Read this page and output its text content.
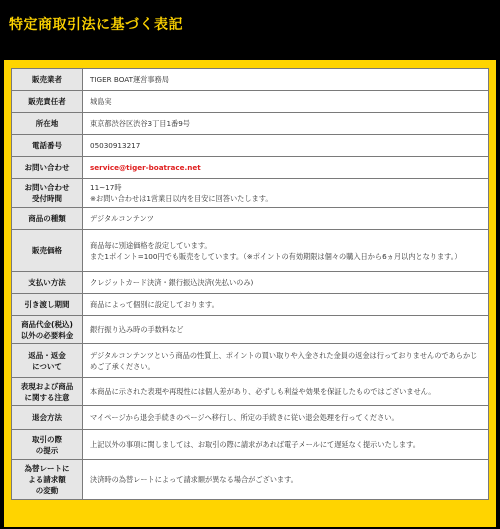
特定商取引法に基づく表記
販売業者	TIGER BOAT運営事務局

販売責任者	城島実

所在地	東京都渋谷区渋谷3丁目1番9号

電話番号	05030913217

お問い合わせ	service@tiger-boatrace.net

お問い合わせ
受付時間	11~17時
※お問い合わせは1営業日以内を目安に回答いたします。

商品の種類	デジタルコンテンツ

販売価格	商品毎に別途価格を設定しています。
また1ポイント=100円でも販売をしています。（※ポイントの有効期限は個々の購入日から6ヵ月以内となります。）

支払い方法	クレジットカード決済・銀行振込決済(先払いのみ)

引き渡し期間	商品によって個別に設定しております。

商品代金(税込)
以外の必要料金	銀行振り込み時の手数料など

返品・返金
について	デジタルコンテンツという商品の性質上、ポイントの買い取りや入金された金員の返金は行っておりませんのであらかじめご了承ください。

表現および商品
に関する注意	本商品に示された表現や再現性には個人差があり、必ずしも利益や効果を保証したものではございません。

退会方法	マイページから退会手続きのページへ移行し、所定の手続きに従い退会処理を行ってください。

取引の際
の提示	上記以外の事項に関しましては、お取引の際に請求があれば電子メールにて遅延なく提示いたします。

為替レートに
よる請求額
の変動	決済時の為替レートによって請求額が異なる場合がございます。
